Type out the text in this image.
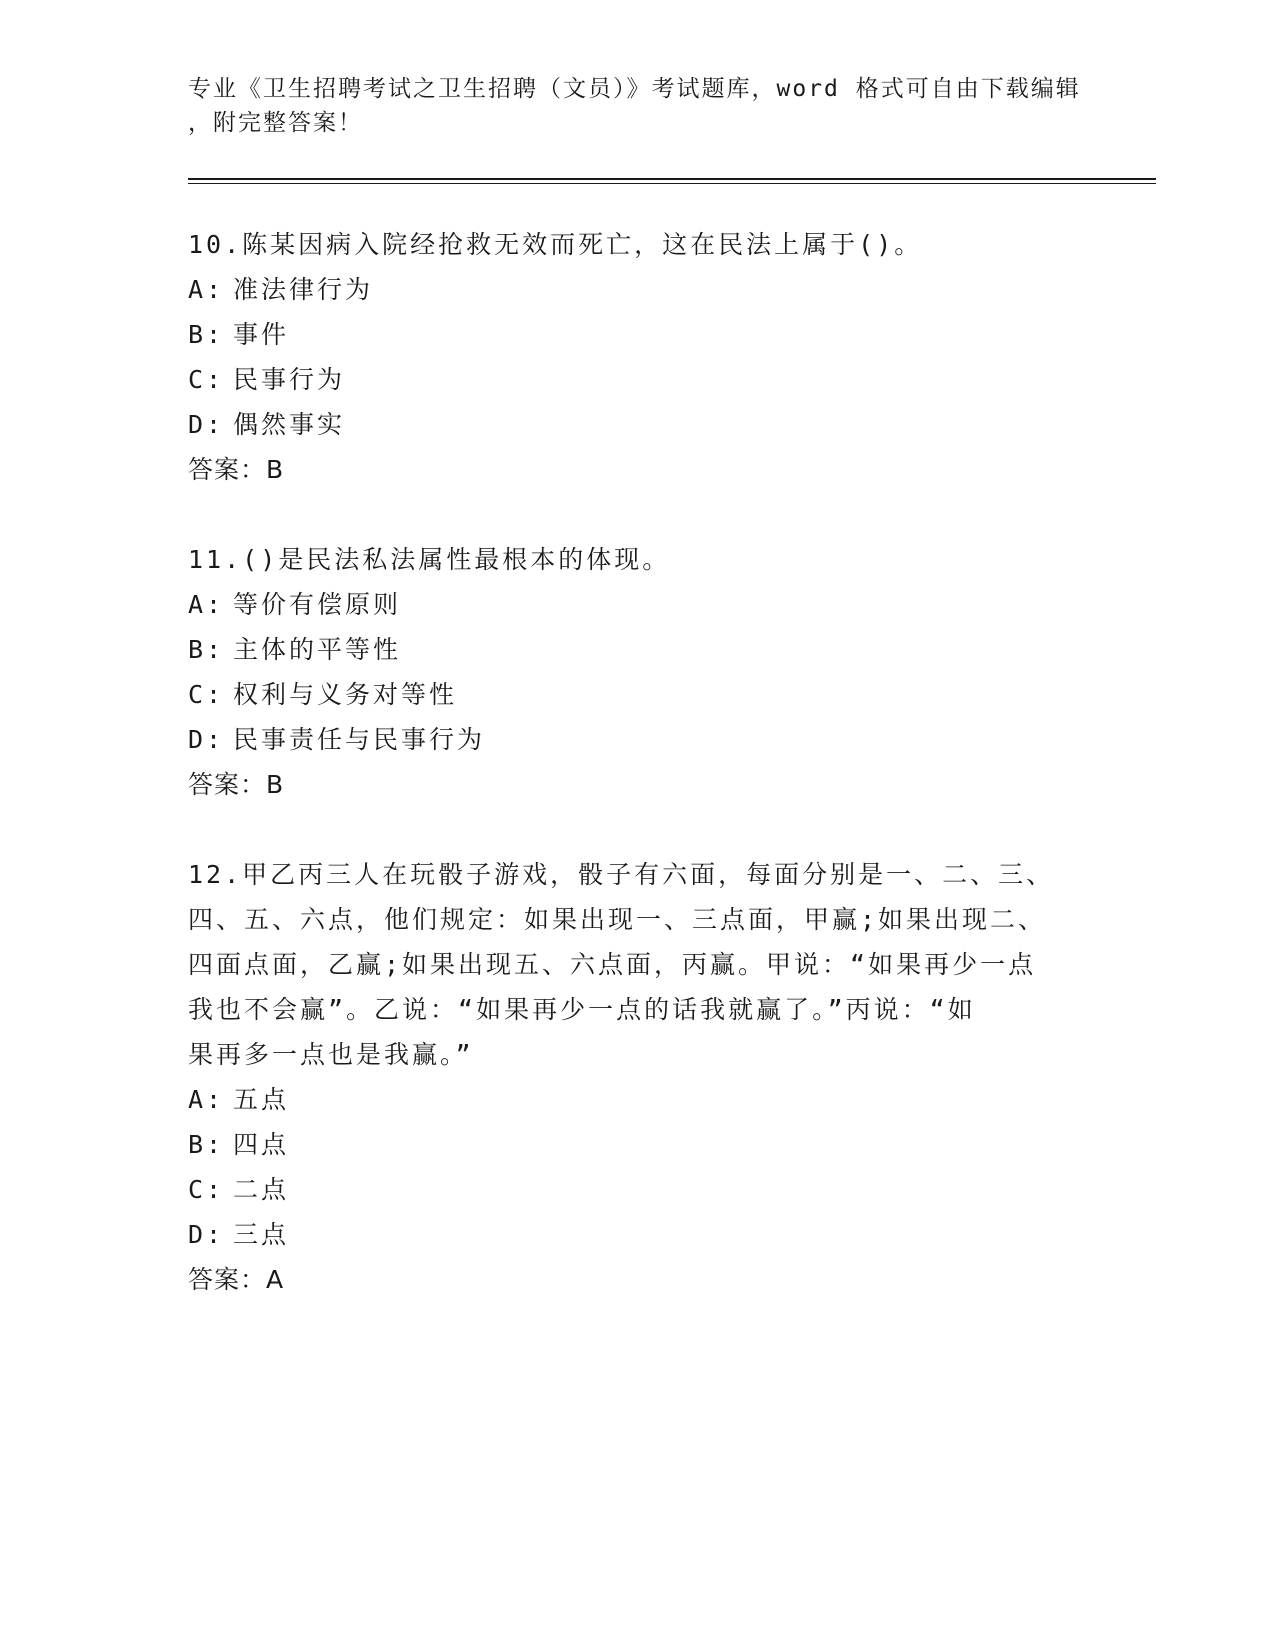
专业《卫生招聘考试之卫生招聘（文员）》考试题库，word 格式可自由下载编辑
，附完整答案！
10.陈某因病入院经抢救无效而死亡，这在民法上属于()。
A: 准法律行为
B: 事件
C: 民事行为
D: 偶然事实
答案：B
11.()是民法私法属性最根本的体现。
A: 等价有偿原则
B: 主体的平等性
C: 权利与义务对等性
D: 民事责任与民事行为
答案：B
12.甲乙丙三人在玩骰子游戏，骰子有六面，每面分别是一、二、三、
四、五、六点，他们规定：如果出现一、三点面，甲赢;如果出现二、
四面点面，乙赢;如果出现五、六点面，丙赢。甲说：“如果再少一点
我也不会赢”。乙说：“如果再少一点的话我就赢了。”丙说：“如
果再多一点也是我赢。”
A: 五点
B: 四点
C: 二点
D: 三点
答案：A
